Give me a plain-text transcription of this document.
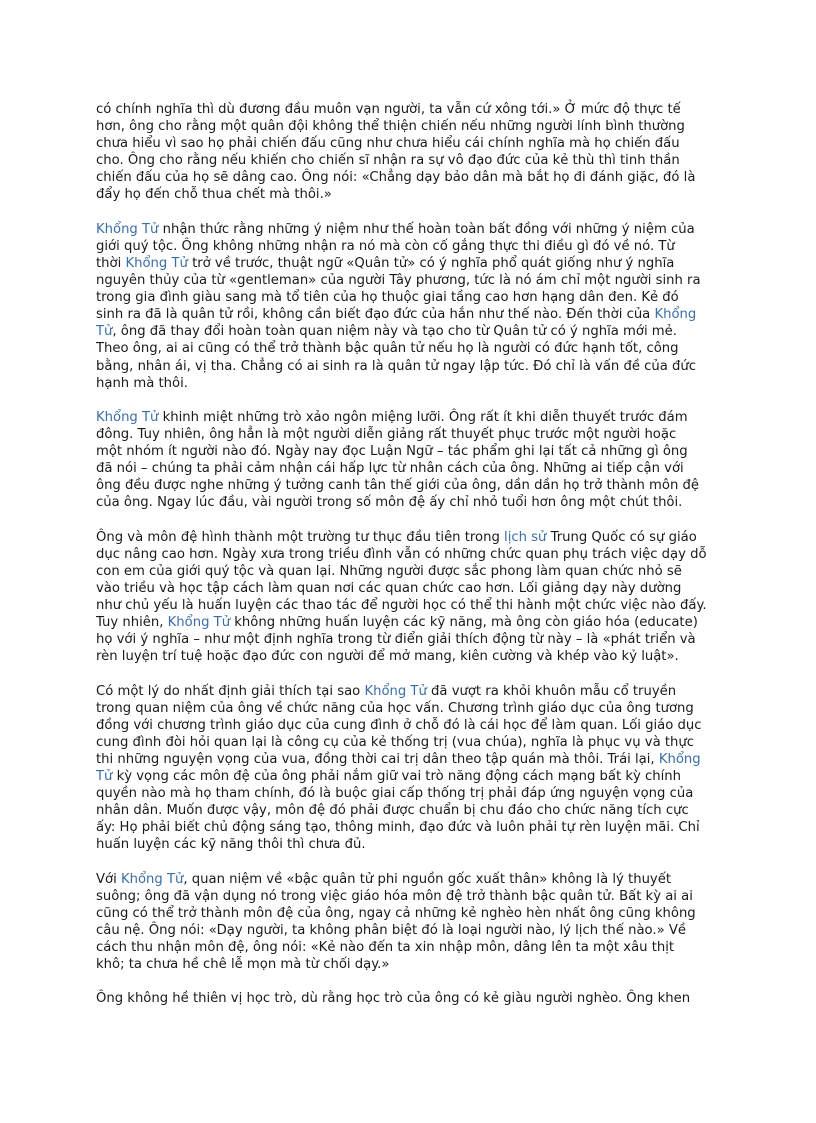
có chính nghĩa thì dù đương đầu muôn vạn người, ta vẫn cứ xông tới.» Ở mức độ thực tế
hơn, ông cho rằng một quân đội không thể thiện chiến nếu những người lính bình thường
chưa hiểu vì sao họ phải chiến đấu cũng như chưa hiểu cái chính nghĩa mà họ chiến đấu
cho. Ông cho rằng nếu khiến cho chiến sĩ nhận ra sự vô đạo đức của kẻ thù thì tinh thần
chiến đấu của họ sẽ dâng cao. Ông nói: «Chẳng dạy bảo dân mà bắt họ đi đánh giặc, đó là
đẩy họ đến chỗ thua chết mà thôi.»
Khổng Tử nhận thức rằng những ý niệm như thế hoàn toàn bất đồng với những ý niệm của
giới quý tộc. Ông không những nhận ra nó mà còn cố gắng thực thi điều gì đó về nó. Từ
thời Khổng Tử trở về trước, thuật ngữ «Quân tử» có ý nghĩa phổ quát giống như ý nghĩa
nguyên thủy của từ «gentleman» của người Tây phương, tức là nó ám chỉ một người sinh ra
trong gia đình giàu sang mà tổ tiên của họ thuộc giai tầng cao hơn hạng dân đen. Kẻ đó
sinh ra đã là quân tử rồi, không cần biết đạo đức của hắn như thế nào. Đến thời của Khổng
Tử, ông đã thay đổi hoàn toàn quan niệm này và tạo cho từ Quân tử có ý nghĩa mới mẻ.
Theo ông, ai ai cũng có thể trở thành bậc quân tử nếu họ là người có đức hạnh tốt, công
bằng, nhân ái, vị tha. Chẳng có ai sinh ra là quân tử ngay lập tức. Đó chỉ là vấn đề của đức
hạnh mà thôi.
Khổng Tử khinh miệt những trò xảo ngôn miệng lưỡi. Ông rất ít khi diễn thuyết trước đám
đông. Tuy nhiên, ông hẳn là một người diễn giảng rất thuyết phục trước một người hoặc
một nhóm ít người nào đó. Ngày nay đọc Luận Ngữ – tác phẩm ghi lại tất cả những gì ông
đã nói – chúng ta phải cảm nhận cái hấp lực từ nhân cách của ông. Những ai tiếp cận với
ông đều được nghe những ý tưởng canh tân thế giới của ông, dần dần họ trở thành môn đệ
của ông. Ngay lúc đầu, vài người trong số môn đệ ấy chỉ nhỏ tuổi hơn ông một chút thôi.
Ông và môn đệ hình thành một trường tư thục đầu tiên trong lịch sử Trung Quốc có sự giáo
dục nâng cao hơn. Ngày xưa trong triều đình vẫn có những chức quan phụ trách việc dạy dỗ
con em của giới quý tộc và quan lại. Những người được sắc phong làm quan chức nhỏ sẽ
vào triều và học tập cách làm quan nơi các quan chức cao hơn. Lối giảng dạy này dường
như chủ yếu là huấn luyện các thao tác để người học có thể thi hành một chức việc nào đấy.
Tuy nhiên, Khổng Tử không những huấn luyện các kỹ năng, mà ông còn giáo hóa (educate)
họ với ý nghĩa – như một định nghĩa trong từ điển giải thích động từ này – là «phát triển và
rèn luyện trí tuệ hoặc đạo đức con người để mở mang, kiên cường và khép vào kỷ luật».
Có một lý do nhất định giải thích tại sao Khổng Tử đã vượt ra khỏi khuôn mẫu cổ truyền
trong quan niệm của ông về chức năng của học vấn. Chương trình giáo dục của ông tương
đồng với chương trình giáo dục của cung đình ở chỗ đó là cái học để làm quan. Lối giáo dục
cung đình đòi hỏi quan lại là công cụ của kẻ thống trị (vua chúa), nghĩa là phục vụ và thực
thi những nguyện vọng của vua, đồng thời cai trị dân theo tập quán mà thôi. Trái lại, Khổng
Tử kỳ vọng các môn đệ của ông phải nắm giữ vai trò năng động cách mạng bất kỳ chính
quyền nào mà họ tham chính, đó là buộc giai cấp thống trị phải đáp ứng nguyện vọng của
nhân dân. Muốn được vậy, môn đệ đó phải được chuẩn bị chu đáo cho chức năng tích cực
ấy: Họ phải biết chủ động sáng tạo, thông minh, đạo đức và luôn phải tự rèn luyện mãi. Chỉ
huấn luyện các kỹ năng thôi thì chưa đủ.
Với Khổng Tử, quan niệm về «bậc quân tử phi nguồn gốc xuất thân» không là lý thuyết
suông; ông đã vận dụng nó trong việc giáo hóa môn đệ trở thành bậc quân tử. Bất kỳ ai ai
cũng có thể trở thành môn đệ của ông, ngay cả những kẻ nghèo hèn nhất ông cũng không
câu nệ. Ông nói: «Dạy người, ta không phân biệt đó là loại người nào, lý lịch thế nào.» Về
cách thu nhận môn đệ, ông nói: «Kẻ nào đến ta xin nhập môn, dâng lên ta một xâu thịt
khô; ta chưa hề chê lễ mọn mà từ chối dạy.»
Ông không hề thiên vị học trò, dù rằng học trò của ông có kẻ giàu người nghèo. Ông khen
